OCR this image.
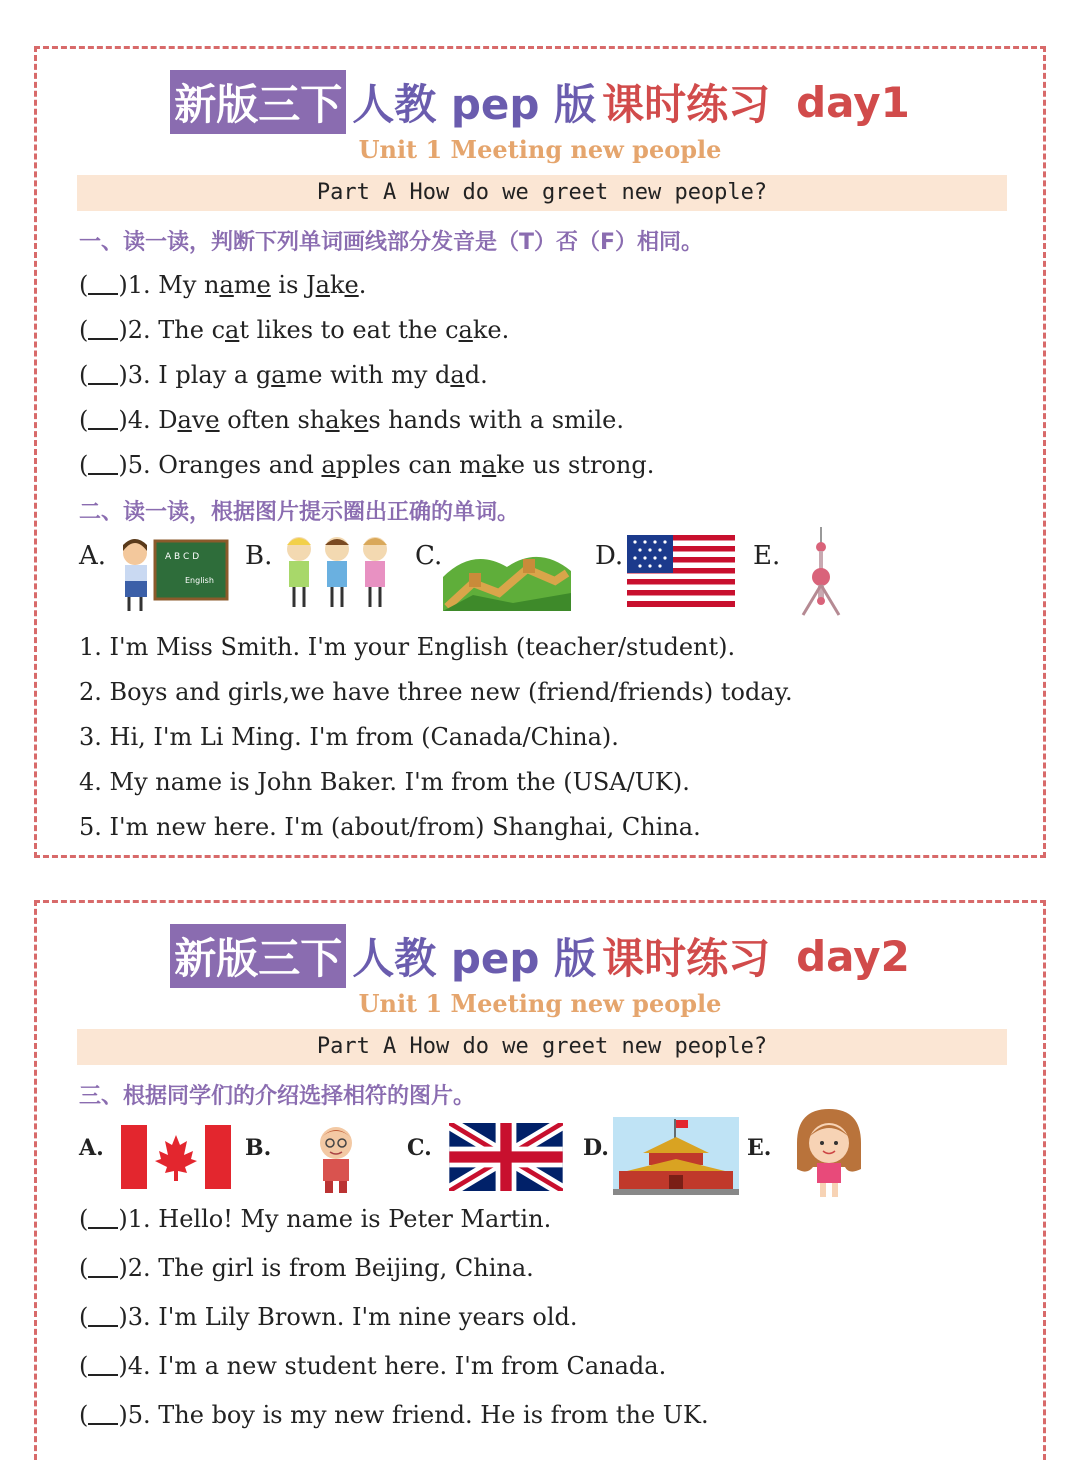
新版三下 人教 pep 版 课时练习 day1
Unit 1 Meeting new people
Part A How do we greet new people?
一、读一读，判断下列单词画线部分发音是（T）否（F）相同。
( )1. My name is Jake.
( )2. The cat likes to eat the cake.
( )3. I play a game with my dad.
( )4. Dave often shakes hands with a smile.
( )5. Oranges and apples can make us strong.
二、读一读，根据图片提示圈出正确的单词。
A.	A B C D
English
B.	C.	D.	E.
1. I'm Miss Smith. I'm your English (teacher/student).
2. Boys and girls,we have three new (friend/friends) today.
3. Hi, I'm Li Ming. I'm from (Canada/China).
4. My name is John Baker. I'm from the (USA/UK).
5. I'm new here. I'm (about/from) Shanghai, China.
新版三下 人教 pep 版 课时练习 day2
Unit 1 Meeting new people
Part A How do we greet new people?
三、根据同学们的介绍选择相符的图片。
A.	B.	C.	D.	E.
( )1. Hello! My name is Peter Martin.
( )2. The girl is from Beijing, China.
( )3. I'm Lily Brown. I'm nine years old.
( )4. I'm a new student here. I'm from Canada.
( )5. The boy is my new friend. He is from the UK.
